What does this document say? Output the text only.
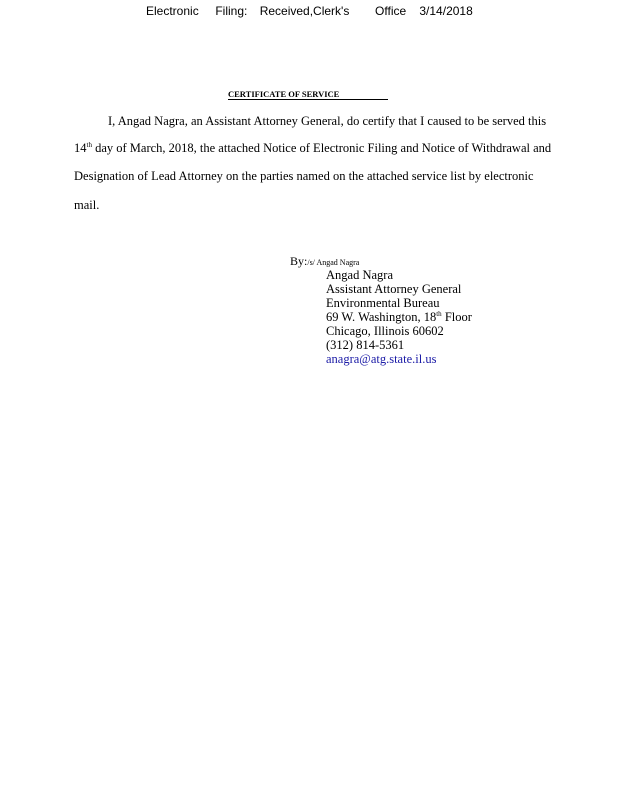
Electronic Filing: Received,Clerk's Office 3/14/2018
CERTIFICATE OF SERVICE
I, Angad Nagra, an Assistant Attorney General, do certify that I caused to be served this
14th day of March, 2018, the attached Notice of Electronic Filing and Notice of Withdrawal and
Designation of Lead Attorney on the parties named on the attached service list by electronic
mail.
By:/s/ Angad Nagra
Angad Nagra
Assistant Attorney General
Environmental Bureau
69 W. Washington, 18th Floor
Chicago, Illinois 60602
(312) 814-5361
anagra@atg.state.il.us
